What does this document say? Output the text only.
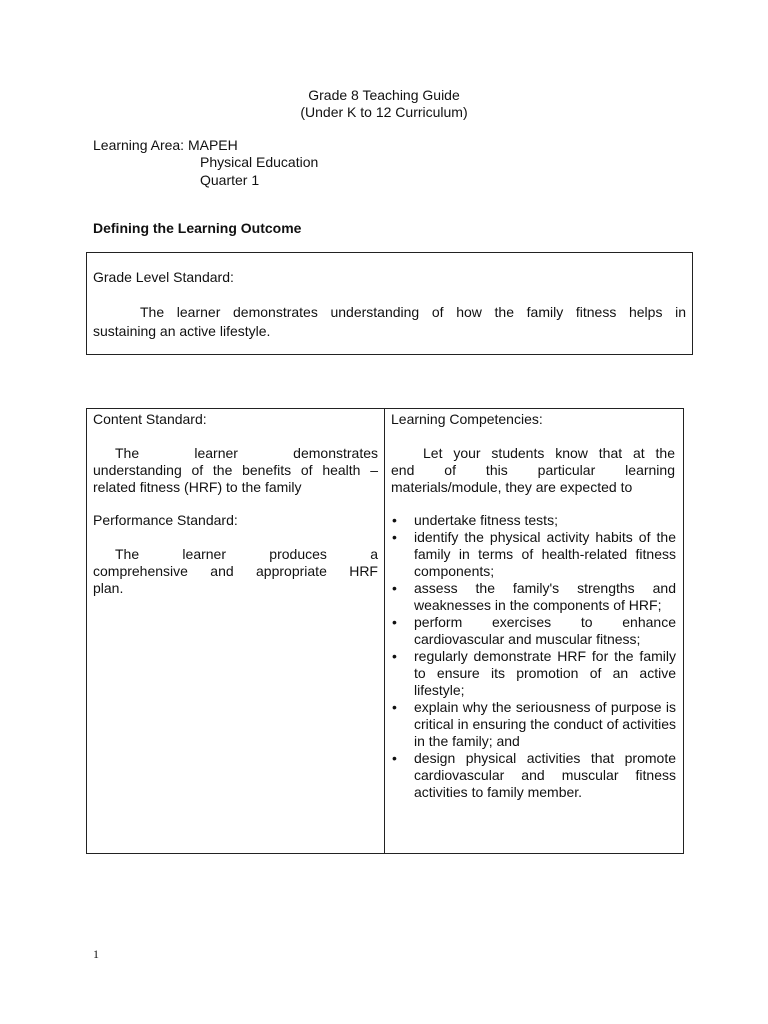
Grade 8 Teaching Guide
(Under K to 12 Curriculum)
Learning Area: MAPEH
Physical Education
Quarter 1
Defining the Learning Outcome
Grade Level Standard:
The learner demonstrates understanding of how the family fitness helps in
sustaining an active lifestyle.
Content Standard:
The learner demonstrates
understanding of the benefits of health –
related fitness (HRF) to the family
Performance Standard:
The learner produces a
comprehensive and appropriate HRF
plan.
Learning Competencies:
Let your students know that at the
end of this particular learning
materials/module, they are expected to
• undertake fitness tests;
• identify the physical activity habits of the family in terms of health-related fitness components;
• assess the family's strengths and weaknesses in the components of HRF;
• perform exercises to enhance cardiovascular and muscular fitness;
• regularly demonstrate HRF for the family to ensure its promotion of an active lifestyle;
• explain why the seriousness of purpose is critical in ensuring the conduct of activities in the family; and
• design physical activities that promote cardiovascular and muscular fitness activities to family member.
1
